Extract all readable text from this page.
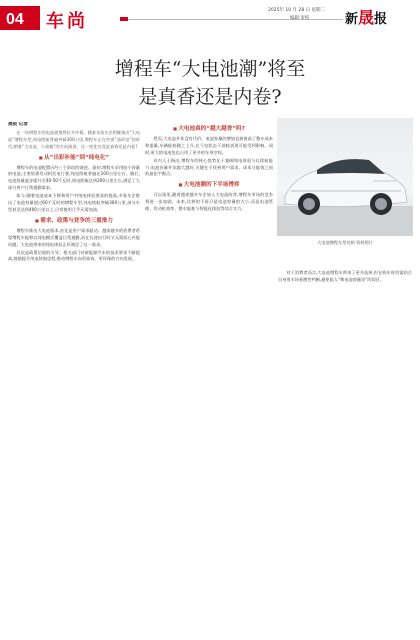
04 车尚
2025年 10 月 28 日 星期二
编辑 审校	新晟报
增程车“大电池潮”将至
是真香还是内卷?

晟报 记者

在一场增程车的电池战悄然拉开序幕。随着各家车企相继推出“大电池”增程车型,纯电续航普遍突破300公里,增程车正在告别“油改电”的时代,朝着“大电池、小油箱”的方向演进。这一变化究竟是真香还是内卷?

■ 从“出彩补能”到“纯电化”

增程车的电池配置历经三个阶段的演进。最初,增程车采用较小容量的电池,主要依靠发动机发电行驶,纯电续航普遍在100公里左右。随后,电池容量逐步提升至40-50千瓦时,纯电续航达到200公里左右,满足了大部分用户日常通勤需求。

如今,随着电池成本下降和用户对纯电体验要求的提高,多家车企推出了电池容量超过60千瓦时的增程车型,纯电续航突破300公里,部分车型甚至达到400公里以上,日常使用几乎无需加油。

■ 需求、政策与竞争的三重推力

增程车推出大电池版本,首先是用户需求驱动。越来越多的消费者希望增程车能够以纯电模式覆盖日常通勤,而在长途出行时又无需担心补能问题。大电池带来的纯电体验正好满足了这一需求。

其次是政策层面的引导。相关部门对新能源汽车的技术要求不断提高,鼓励提升纯电续航里程,推动增程车向更高效、更环保的方向发展。

■ 大电池真的“越大越香”吗?

然而,大电池并非没有代价。电池容量的增加直接推高了整车成本和重量,车辆能耗随之上升,在亏电状态下油耗表现可能受到影响。同时,更大的电池包也占用了更多的车身空间。

业内人士指出,增程车的核心优势在于兼顾纯电体验与长续航能力,电池容量并非越大越好,关键在于找到用户需求、成本与能效之间的最佳平衡点。

■ 大电池潮的下半场博弈

可以预见,随着越来越多车企加入大电池阵营,增程车市场的竞争将进一步加剧。未来,比拼的不再只是电池容量的大小,而是电池管理、发动机效率、整车能耗与智能化体验等综合实力。

大电池增程车型亮相 资料图片

对于消费者而言,大电池增程车带来了更多选择,但在购车时仍需结合自身用车场景理性判断,避免陷入“唯电池容量论”的误区。
